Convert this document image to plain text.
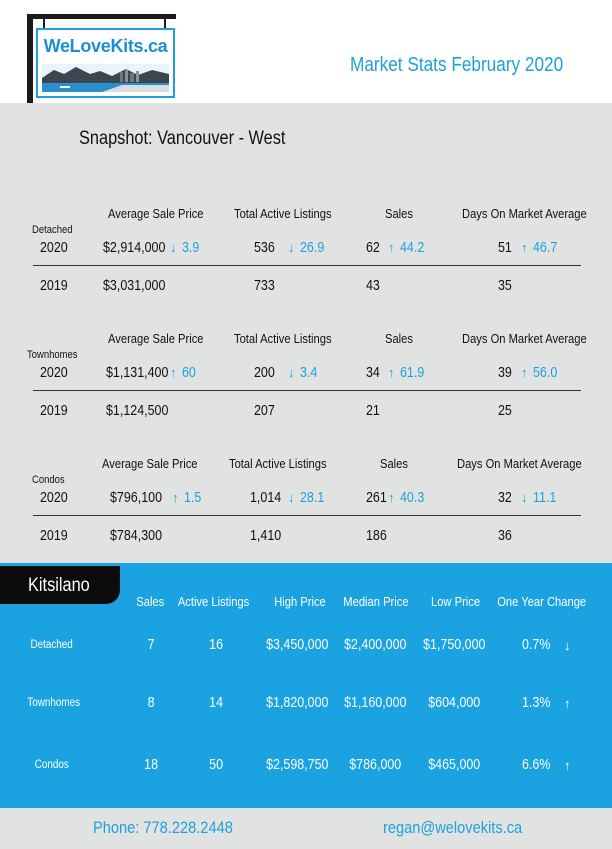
WeLoveKits.ca
Market Stats February 2020
Snapshot: Vancouver - West
Kitsilano
Phone: 778.228.2448	regan@welovekits.ca
Detached
Average Sale Price	Total Active Listings	Sales	Days On Market Average
2020	$2,914,000 ↓ 3.9	536 ↓ 26.9	62 ↑ 44.2	51 ↑ 46.7
2019	$3,031,000	733	43	35
Townhomes
Average Sale Price	Total Active Listings	Sales	Days On Market Average
2020	$1,131,400 ↑ 60	200 ↓ 3.4	34 ↑ 61.9	39 ↑ 56.0
2019	$1,124,500	207	21	25
Condos
Average Sale Price	Total Active Listings	Sales	Days On Market Average
2020	$796,100 ↑ 1.5	1,014 ↓ 28.1	261 ↑ 40.3	32 ↓ 11.1
2019	$784,300	1,410	186	36
Sales	Active Listings	High Price	Median Price	Low Price	One Year Change
Detached	7	16	$3,450,000	$2,400,000	$1,750,000	0.7%	↓
Townhomes	8	14	$1,820,000	$1,160,000	$604,000	1.3%	↑
Condos	18	50	$2,598,750	$786,000	$465,000	6.6%	↑
